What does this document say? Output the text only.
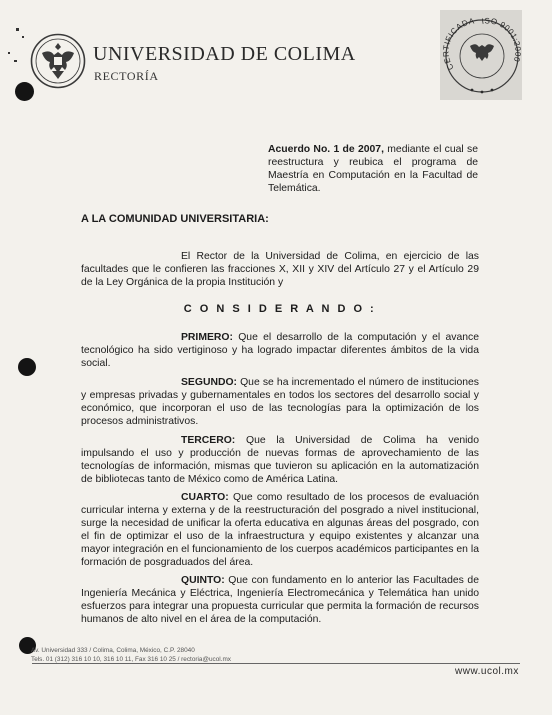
UNIVERSIDAD DE COLIMA
RECTORÍA
CERTIFICADA ISO 9001:2000
Acuerdo No. 1 de 2007, mediante el cual se reestructura y reubica el programa de Maestría en Computación en la Facultad de Telemática.
A LA COMUNIDAD UNIVERSITARIA:
El Rector de la Universidad de Colima, en ejercicio de las facultades que le confieren las fracciones X, XII y XIV del Artículo 27 y el Artículo 29 de la Ley Orgánica de la propia Institución y
C O N S I D E R A N D O :
PRIMERO: Que el desarrollo de la computación y el avance tecnológico ha sido vertiginoso y ha logrado impactar diferentes ámbitos de la vida social.
SEGUNDO: Que se ha incrementado el número de instituciones y empresas privadas y gubernamentales en todos los sectores del desarrollo social y económico, que incorporan el uso de las tecnologías para la optimización de los procesos administrativos.
TERCERO: Que la Universidad de Colima ha venido impulsando el uso y producción de nuevas formas de aprovechamiento de las tecnologías de información, mismas que tuvieron su aplicación en la automatización de bibliotecas tanto de México como de América Latina.
CUARTO: Que como resultado de los procesos de evaluación curricular interna y externa y de la reestructuración del posgrado a nivel institucional, surge la necesidad de unificar la oferta educativa en algunas áreas del posgrado, con el fin de optimizar el uso de la infraestructura y equipo existentes y alcanzar una mayor integración en el funcionamiento de los cuerpos académicos participantes en la formación de posgraduados del área.
QUINTO: Que con fundamento en lo anterior las Facultades de Ingeniería Mecánica y Eléctrica, Ingeniería Electromecánica y Telemática han unido esfuerzos para integrar una propuesta curricular que permita la formación de recursos humanos de alto nivel en el área de la computación.
Av. Universidad 333 / Colima, Colima, México, C.P. 28040
Tels. 01 (312) 316 10 10, 316 10 11, Fax 316 10 25 / rectoria@ucol.mx
www.ucol.mx
